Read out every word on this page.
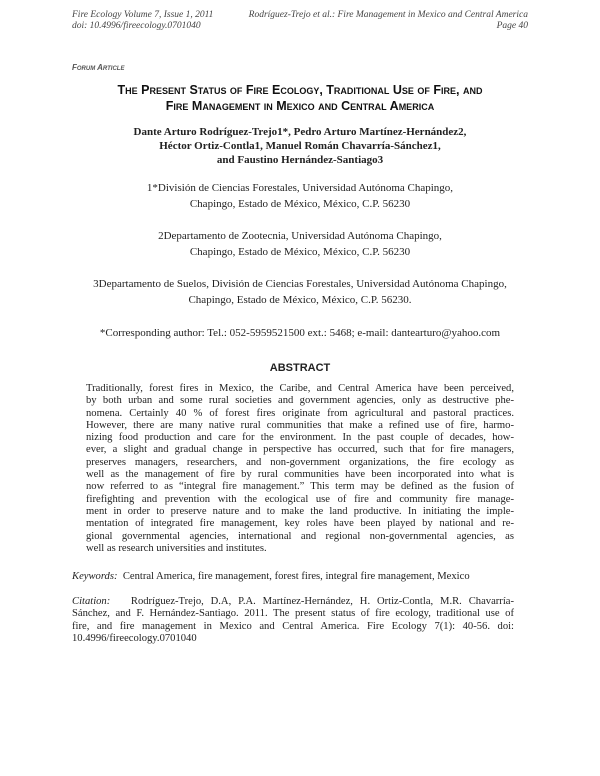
Fire Ecology Volume 7, Issue 1, 2011
doi: 10.4996/fireecology.0701040
Rodríguez-Trejo et al.: Fire Management in Mexico and Central America
Page 40
Forum Article
The Present Status of Fire Ecology, Traditional Use of Fire, and
Fire Management in Mexico and Central America
Dante Arturo Rodríguez-Trejo1*, Pedro Arturo Martínez-Hernández2,
Héctor Ortiz-Contla1, Manuel Román Chavarría-Sánchez1,
and Faustino Hernández-Santiago3
1*División de Ciencias Forestales, Universidad Autónoma Chapingo,
Chapingo, Estado de México, México, C.P. 56230
2Departamento de Zootecnia, Universidad Autónoma Chapingo,
Chapingo, Estado de México, México, C.P. 56230
3Departamento de Suelos, División de Ciencias Forestales, Universidad Autónoma Chapingo,
Chapingo, Estado de México, México, C.P. 56230.
*Corresponding author: Tel.: 052-5959521500 ext.: 5468; e-mail: dantearturo@yahoo.com
ABSTRACT
Traditionally, forest fires in Mexico, the Caribe, and Central America have been perceived,
by both urban and some rural societies and government agencies, only as destructive phe-
nomena. Certainly 40 % of forest fires originate from agricultural and pastoral practices.
However, there are many native rural communities that make a refined use of fire, harmo-
nizing food production and care for the environment. In the past couple of decades, how-
ever, a slight and gradual change in perspective has occurred, such that for fire managers,
preserves managers, researchers, and non-government organizations, the fire ecology as
well as the management of fire by rural communities have been incorporated into what is
now referred to as “integral fire management.” This term may be defined as the fusion of
firefighting and prevention with the ecological use of fire and community fire manage-
ment in order to preserve nature and to make the land productive. In initiating the imple-
mentation of integrated fire management, key roles have been played by national and re-
gional governmental agencies, international and regional non-governmental agencies, as
well as research universities and institutes.
Keywords: Central America, fire management, forest fires, integral fire management, Mexico
Citation: Rodríguez-Trejo, D.A, P.A. Martínez-Hernández, H. Ortiz-Contla, M.R. Chavarría-
Sánchez, and F. Hernández-Santiago. 2011. The present status of fire ecology, traditional use of
fire, and fire management in Mexico and Central America. Fire Ecology 7(1): 40-56. doi:
10.4996/fireecology.0701040
